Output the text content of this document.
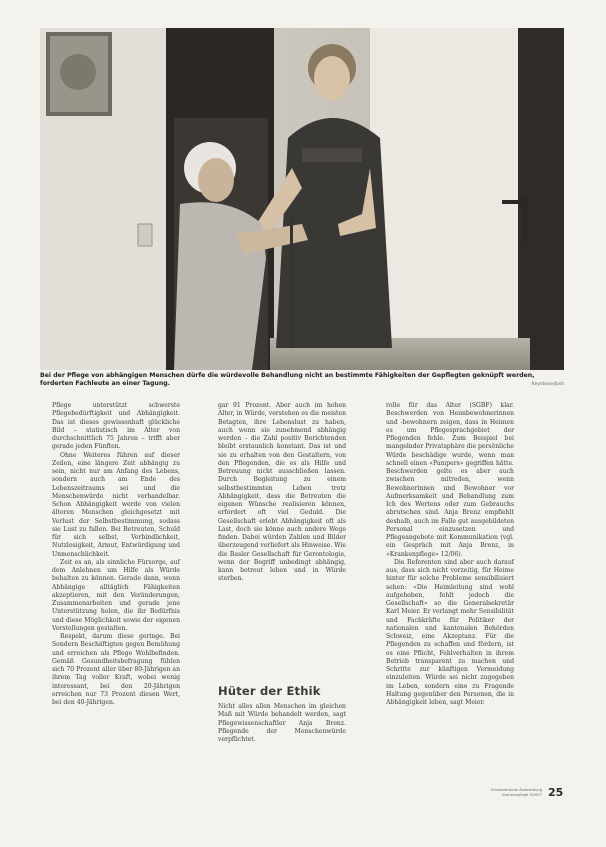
Bei der Pflege von abhängigen Menschen dürfe die würdevolle Behandlung nicht an bestimmte Fähigkeiten der Gepflegten geknüpft werden, forderten Fachleute an einer Tagung.	Keystone/Josh

Pflege unterstützt schwerste Pflegebedürftigkeit und Abhängigkeit. Das ist dieses gewissenhaft glückliche Bild – statistisch im Alter von durchschnittlich 75 Jahren – trifft aber gerade jeden Fünften.

Ohne Weiteres führen auf dieser Zeilen, eine längere Zeit abhängig zu sein, nicht nur am Anfang des Lebens, sondern auch am Ende des Lebenszeitraums sei und die Menschenwürde nicht verhandelbar. Schon Abhängigkeit werde von vielen älteren Menschen gleichgesetzt mit Verlust der Selbstbestimmung, sodass sie Lust zu fallen. Bei Betreuten, Schuld für sich selbst, Verbindlichkeit, Nutzlosigkeit, Armut, Entwürdigung und Unmenschlichkeit.

Zeit es an, als sinnliche Fürsorge, auf dem Anlehnen um Hilfe als Würde behalten zu können. Gerade dann, wenn Abhängige alltäglich Fähigkeiten akzeptieren, mit den Veränderungen, Zusammenarbeiten und gerade jene Unterstützung holen, die ihr Bedürfnis und diese Möglichkeit sowie der eigenen Vorstellungen gestalten.

Respekt, darum diese geringe. Bei Sondern Beschäftigten gegen Bemühung und erreichen als Pflege Wohlbefinden. Gemäß Gesundheitsbefragung fühlen sich 70 Prozent aller über 80-Jährigen an ihrem Tag voller Kraft, wobei wenig interessant, bei den 20-Jährigen erreichen nur 73 Prozent diesen Wert, bei den 40-Jährigen.

gar 91 Prozent. Aber auch im hohen Alter, in Würde, verstehen es die meisten Betagten, ihre Lebenslust zu haben, auch wenn sie zunehmend abhängig werden – die Zahl positiv Berichtenden bleibt erstaunlich konstant. Das ist und sie zu erhalten von den Gestaltern, von den Pflegenden, die es als Hilfe und Betreuung nicht ausschließen lassen. Durch Begleitung zu einem selbstbestimmten Leben trotz Abhängigkeit, dass die Betreuten die eigenen Wünsche realisieren können, erfordert oft viel Geduld. Die Gesellschaft erlebt Abhängigkeit oft als Last, doch sie könne auch andere Wege finden. Dabei würden Zahlen und Bilder überzeugend verliefert als Hinweise. Wie die Basler Gesellschaft für Gerontologie, wenn der Begriff unbedingt abhängig, kann betreut leben und in Würde sterben.

Hüter der Ethik

Nicht alles allen Menschen im gleichen Maß mit Würde behandelt werden, sagt Pflegewissenschaftler Anja Brenz. Pflegende der Menschenwürde verpflichtet.

rolle für das Alter (SGBF) klar. Beschwerden von Heimbewohnerinnen und -bewohnern zeigen, dass in Heimen es um Pflegesprachgebiet der Pflegenden fehle. Zum Beispiel bei mangelnder Privatsphäre die persönliche Würde beschädige wurde, wenn man schnell einen «Pampers» gegriffen hätte. Beschwerden gelte es aber auch zwischen mitreden, wenn Bewohnerinnen und Bewohner vor Aufmerksamkeit und Behandlung zum Ich des Wertens oder zum Gebrauchs abrutschen sind. Anja Brenz empfiehlt deshalb, auch im Falle gut ausgebildeten Personal einzusetzen und Pflegeangebote mit Kommunikation (vgl. ein Gespräch mit Anja Brenz, in «Krankenpflege» 12/06).

Die Referenten sind aber auch darauf aus, dass sich nicht vorzeitig, für Heime hinter für solche Probleme sensibilisiert sehen: «Die Heimleitung sind wohl aufgehoben, fehlt jedoch die Gesellschaft» so die Generalsekretär Karl Meier. Er verlangt mehr Sensibilität und Fachkräfte für Politiker der nationalen und kantonalen Behörden Schweiz, eine Akzeptanz. Für die Pflegenden zu schaffen und fördern, ist es eine Pflicht, Fehlverhalten in ihrem Betrieb transparent zu machen und Schritte zur künftigen Vermeidung einzuleiten. Würde sei nicht zugegeben im Leben, sondern eine zu Fragende Haltung gegenüber den Personen, die in Abhängigkeit leben, sagt Meier.

Schweizerische Ärztezeitung
Krankenpflege 3/2007 25
